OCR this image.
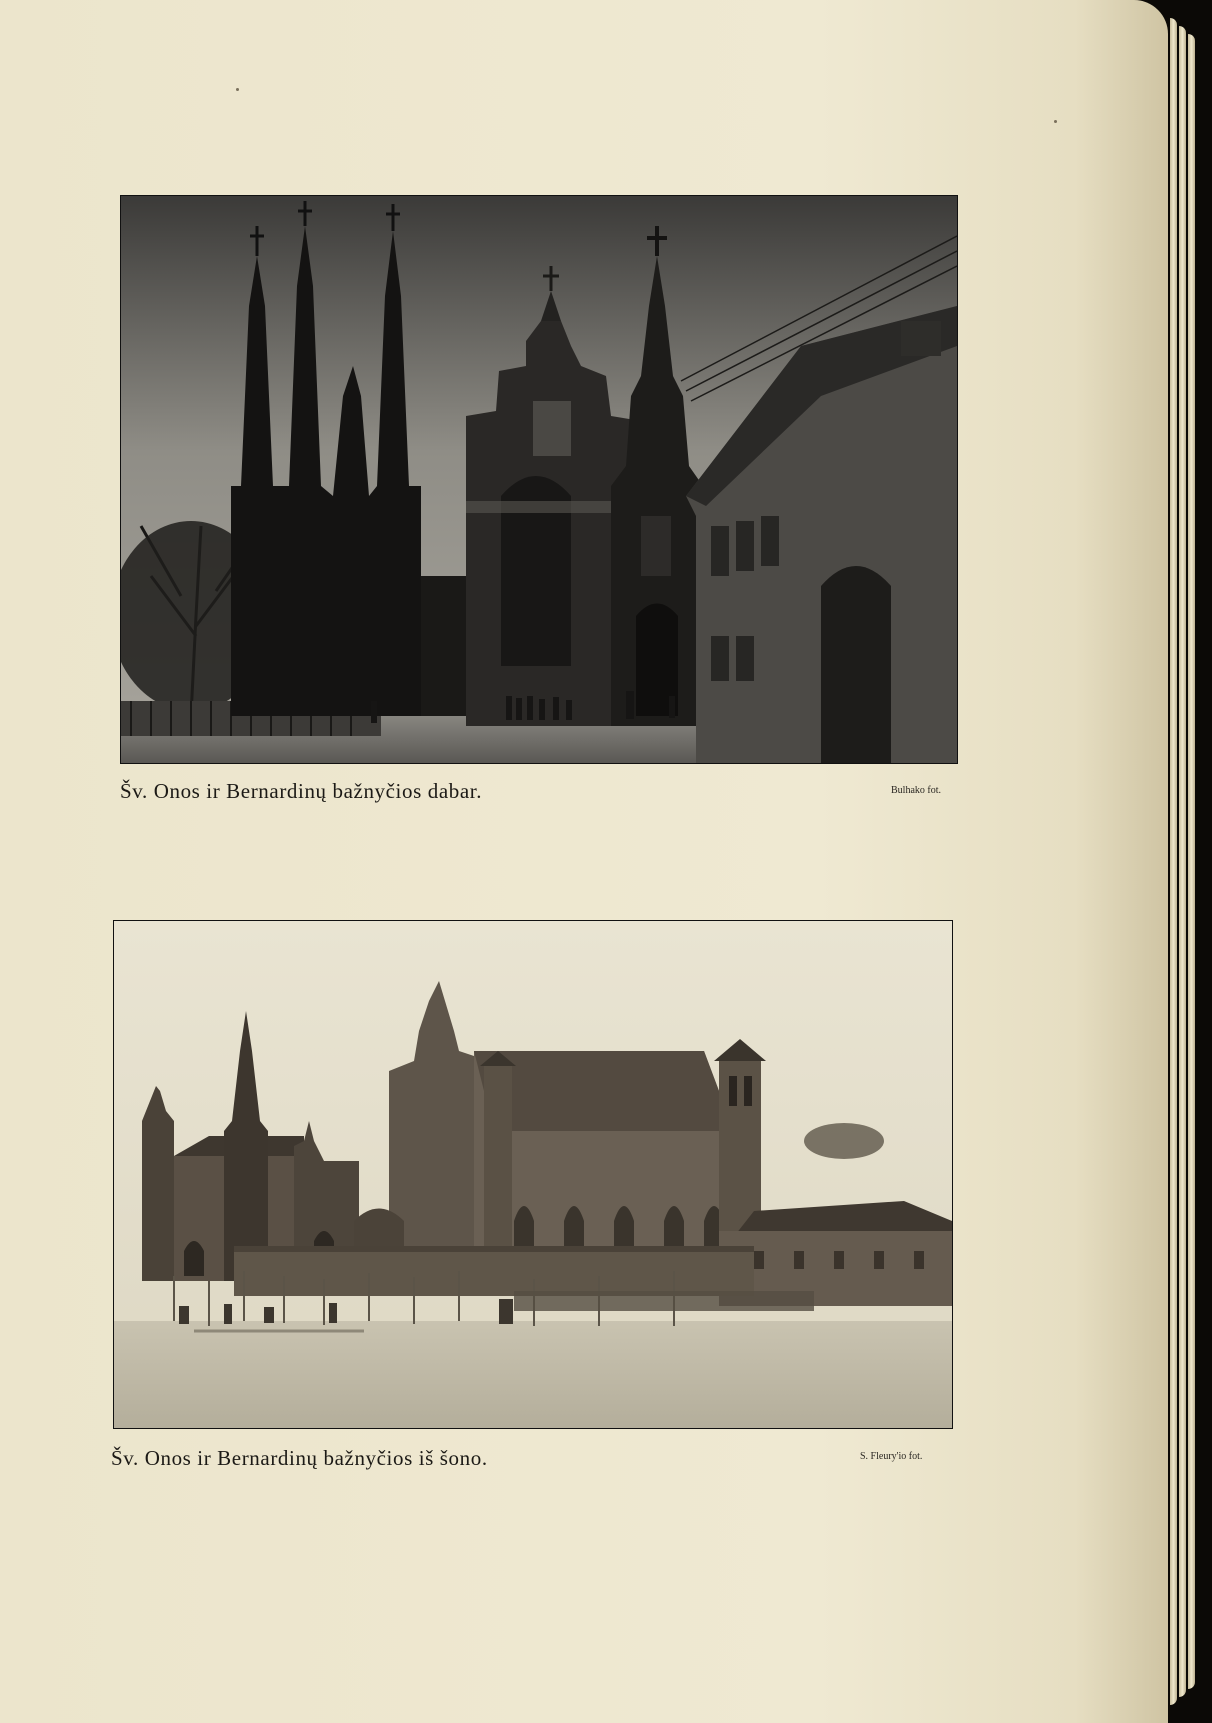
Šv. Onos ir Bernardinų bažnyčios dabar.	Bulhako fot.
Šv. Onos ir Bernardinų bažnyčios iš šono.	S. Fleury'io fot.
